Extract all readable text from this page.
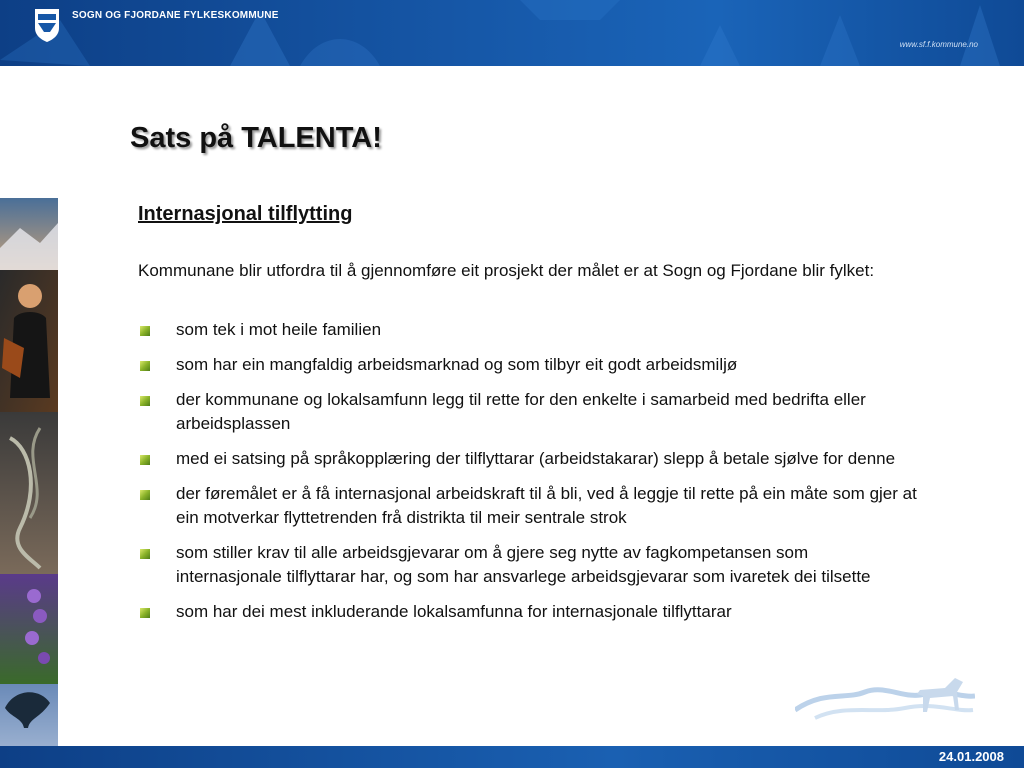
SOGN OG FJORDANE FYLKESKOMMUNE
www.sf.f.kommune.no
Sats på TALENTA!
Internasjonal tilflytting
Kommunane blir utfordra til å gjennomføre eit prosjekt der målet er at Sogn og Fjordane blir fylket:
som tek i mot heile familien
som har ein mangfaldig arbeidsmarknad og som tilbyr eit godt arbeidsmiljø
der kommunane og lokalsamfunn legg til rette for den enkelte i samarbeid med bedrifta eller arbeidsplassen
med ei satsing på språkopplæring der tilflyttarar (arbeidstakarar) slepp å betale sjølve for denne
der føremålet er å få internasjonal arbeidskraft til å bli, ved å leggje til rette på ein måte som gjer at ein motverkar flyttetrenden frå distrikta til meir sentrale strok
som stiller krav til alle arbeidsgjevarar om å gjere seg nytte av fagkompetansen som internasjonale tilflyttarar har, og som har ansvarlege arbeidsgjevarar som ivaretek dei tilsette
som har dei mest inkluderande lokalsamfunna for internasjonale tilflyttarar
24.01.2008
